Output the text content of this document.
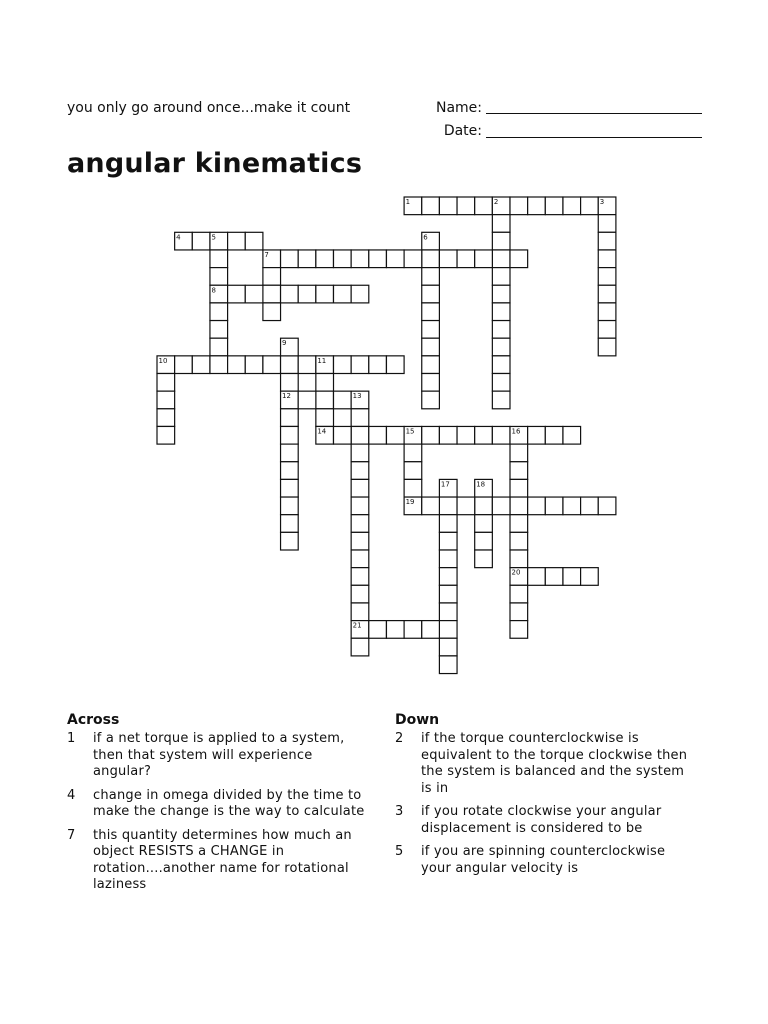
you only go around once...make it count	Name:
Date:
angular kinematics
1	2	3
4	5	6
7
8
9
10	11
12	13
14	15	16
17	18
19
20
21
Across
1	if a net torque is applied to a system, then that system will experience angular?
4	change in omega divided by the time to make the change is the way to calculate
7	this quantity determines how much an object RESISTS a CHANGE in rotation....another name for rotational laziness
Down
2	if the torque counterclockwise is equivalent to the torque clockwise then the system is balanced and the system is in
3	if you rotate clockwise your angular displacement is considered to be
5	if you are spinning counterclockwise your angular velocity is
